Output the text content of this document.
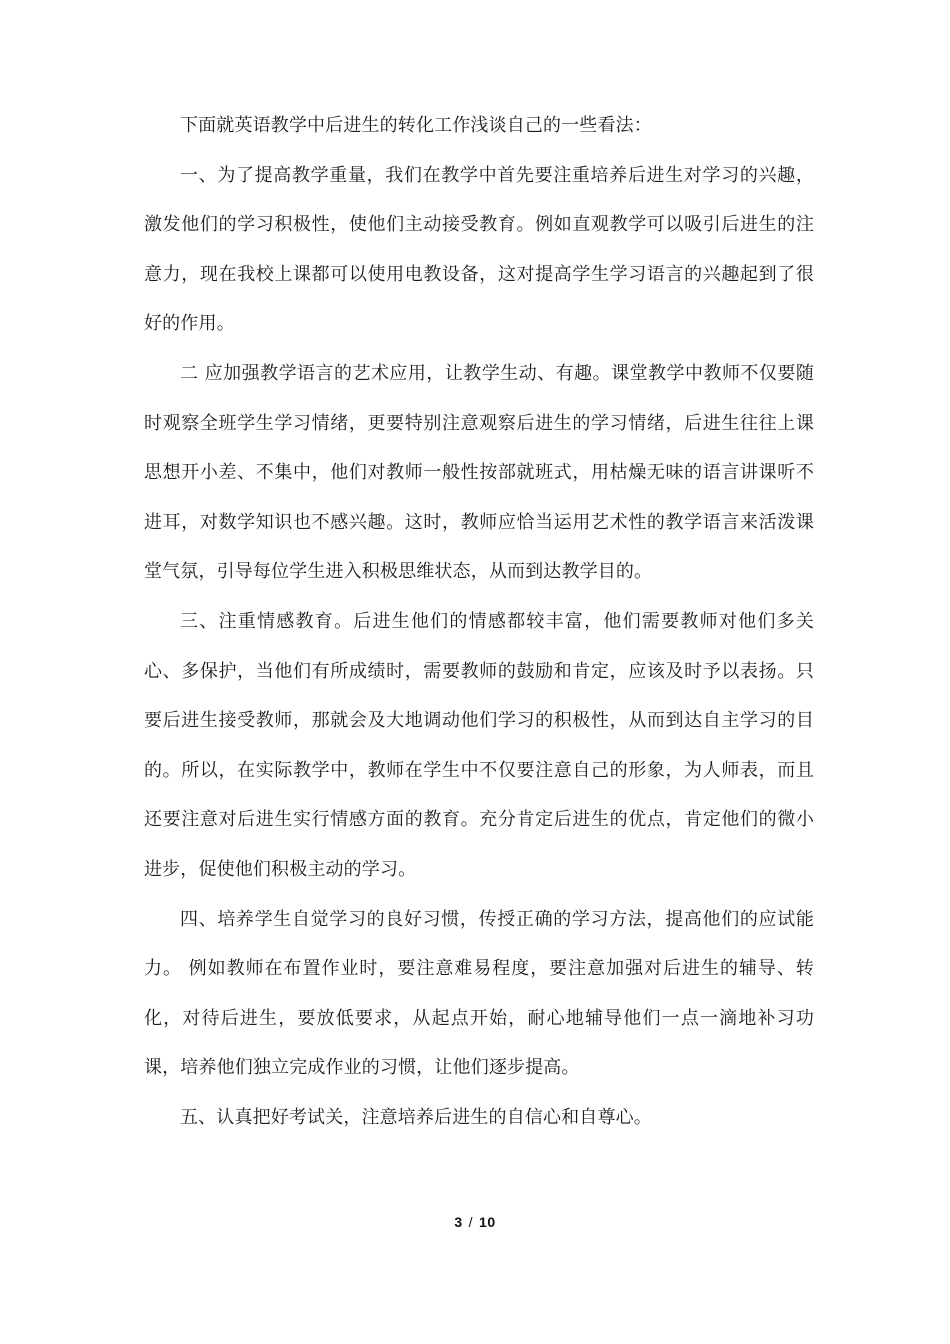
下面就英语教学中后进生的转化工作浅谈自己的一些看法：

一、为了提高教学重量，我们在教学中首先要注重培养后进生对学习的兴趣，激发他们的学习积极性，使他们主动接受教育。例如直观教学可以吸引后进生的注意力，现在我校上课都可以使用电教设备，这对提高学生学习语言的兴趣起到了很好的作用。

二 应加强教学语言的艺术应用，让教学生动、有趣。课堂教学中教师不仅要随时观察全班学生学习情绪，更要特别注意观察后进生的学习情绪，后进生往往上课思想开小差、不集中，他们对教师一般性按部就班式，用枯燥无味的语言讲课听不进耳，对数学知识也不感兴趣。这时，教师应恰当运用艺术性的教学语言来活泼课堂气氛，引导每位学生进入积极思维状态，从而到达教学目的。

三、注重情感教育。后进生他们的情感都较丰富，他们需要教师对他们多关心、多保护，当他们有所成绩时，需要教师的鼓励和肯定，应该及时予以表扬。只要后进生接受教师，那就会及大地调动他们学习的积极性，从而到达自主学习的目的。所以，在实际教学中，教师在学生中不仅要注意自己的形象，为人师表，而且还要注意对后进生实行情感方面的教育。充分肯定后进生的优点，肯定他们的微小进步，促使他们积极主动的学习。

四、培养学生自觉学习的良好习惯，传授正确的学习方法，提高他们的应试能力。 例如教师在布置作业时，要注意难易程度，要注意加强对后进生的辅导、转化，对待后进生，要放低要求，从起点开始，耐心地辅导他们一点一滴地补习功课，培养他们独立完成作业的习惯，让他们逐步提高。

五、认真把好考试关，注意培养后进生的自信心和自尊心。

3 / 10
